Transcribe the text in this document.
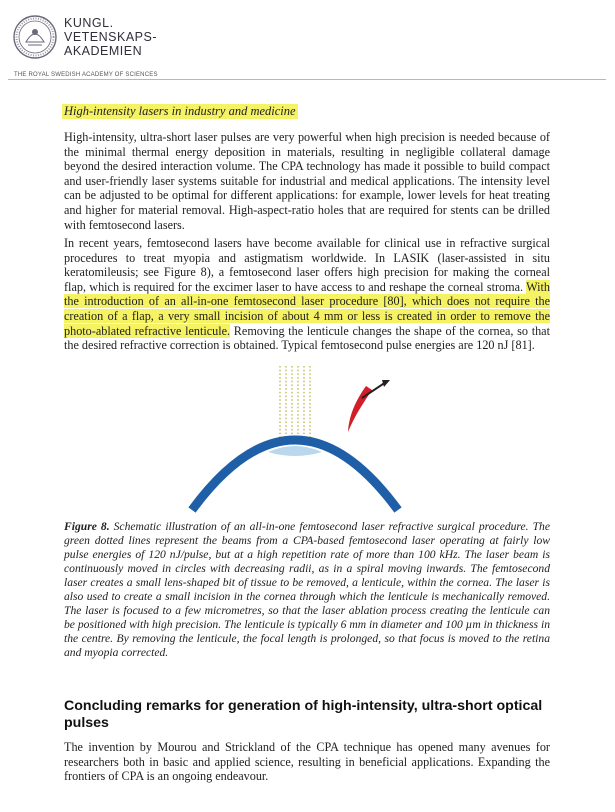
KUNGL.
VETENSKAPS-
AKADEMIEN
THE ROYAL SWEDISH ACADEMY OF SCIENCES
High-intensity lasers in industry and medicine

High-intensity, ultra-short laser pulses are very powerful when high precision is needed because of the minimal thermal energy deposition in materials, resulting in negligible collateral damage beyond the desired interaction volume. The CPA technology has made it possible to build compact and user-friendly laser systems suitable for industrial and medical applications. The intensity level can be adjusted to be optimal for different applications: for example, lower levels for heat treating and higher for material removal. High-aspect-ratio holes that are required for stents can be drilled with femtosecond lasers.

In recent years, femtosecond lasers have become available for clinical use in refractive surgical procedures to treat myopia and astigmatism worldwide. In LASIK (laser-assisted in situ keratomileusis; see Figure 8), a femtosecond laser offers high precision for making the corneal flap, which is required for the excimer laser to have access to and reshape the corneal stroma. With the introduction of an all-in-one femtosecond laser procedure [80], which does not require the creation of a flap, a very small incision of about 4 mm or less is created in order to remove the photo-ablated refractive lenticule. Removing the lenticule changes the shape of the cornea, so that the desired refractive correction is obtained. Typical femtosecond pulse energies are 120 nJ [81].

Figure 8. Schematic illustration of an all-in-one femtosecond laser refractive surgical procedure. The green dotted lines represent the beams from a CPA-based femtosecond laser operating at fairly low pulse energies of 120 nJ/pulse, but at a high repetition rate of more than 100 kHz. The laser beam is continuously moved in circles with decreasing radii, as in a spiral moving inwards. The femtosecond laser creates a small lens-shaped bit of tissue to be removed, a lenticule, within the cornea. The laser is also used to create a small incision in the cornea through which the lenticule is mechanically removed. The laser is focused to a few micrometres, so that the laser ablation process creating the lenticule can be positioned with high precision. The lenticule is typically 6 mm in diameter and 100 µm in thickness in the centre. By removing the lenticule, the focal length is prolonged, so that focus is moved to the retina and myopia corrected.

Concluding remarks for generation of high-intensity, ultra-short optical pulses

The invention by Mourou and Strickland of the CPA technique has opened many avenues for researchers both in basic and applied science, resulting in beneficial applications. Expanding the frontiers of CPA is an ongoing endeavour.
